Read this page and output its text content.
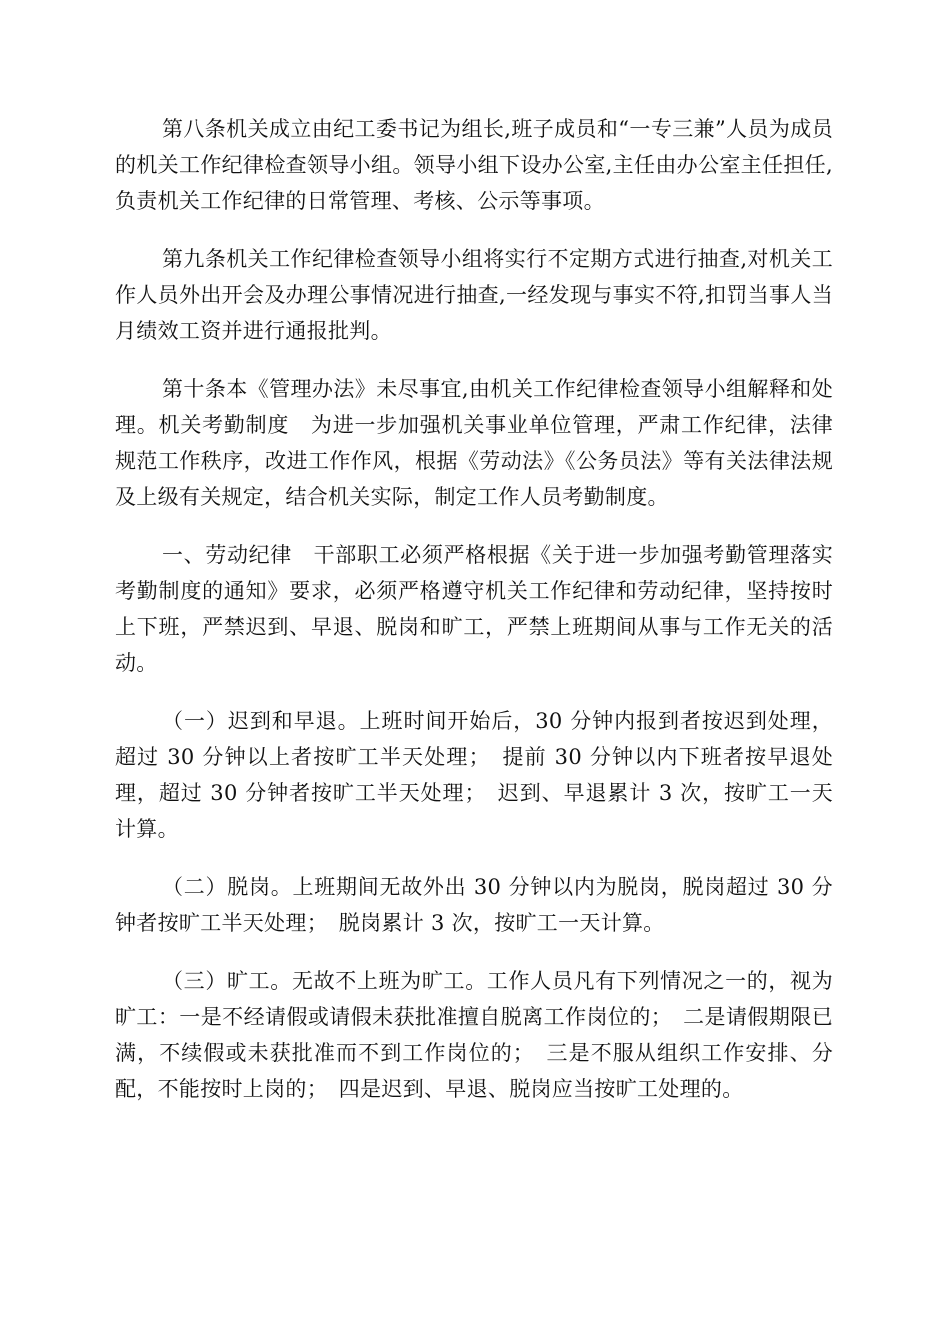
第八条机关成立由纪工委书记为组长,班子成员和“一专三兼”人员为成员的机关工作纪律检查领导小组。领导小组下设办公室,主任由办公室主任担任,负责机关工作纪律的日常管理、考核、公示等事项。

第九条机关工作纪律检查领导小组将实行不定期方式进行抽查,对机关工作人员外出开会及办理公事情况进行抽查,一经发现与事实不符,扣罚当事人当月绩效工资并进行通报批判。

第十条本《管理办法》未尽事宜,由机关工作纪律检查领导小组解释和处理。机关考勤制度　为进一步加强机关事业单位管理，严肃工作纪律，法律规范工作秩序，改进工作作风，根据《劳动法》《公务员法》等有关法律法规及上级有关规定，结合机关实际，制定工作人员考勤制度。

一、劳动纪律　干部职工必须严格根据《关于进一步加强考勤管理落实考勤制度的通知》要求，必须严格遵守机关工作纪律和劳动纪律，坚持按时上下班，严禁迟到、早退、脱岗和旷工，严禁上班期间从事与工作无关的活动。

（一）迟到和早退。上班时间开始后，30 分钟内报到者按迟到处理，超过 30 分钟以上者按旷工半天处理；　提前 30 分钟以内下班者按早退处理，超过 30 分钟者按旷工半天处理；　迟到、早退累计 3 次，按旷工一天计算。

（二）脱岗。上班期间无故外出 30 分钟以内为脱岗，脱岗超过 30 分钟者按旷工半天处理；　脱岗累计 3 次，按旷工一天计算。

（三）旷工。无故不上班为旷工。工作人员凡有下列情况之一的，视为旷工：一是不经请假或请假未获批准擅自脱离工作岗位的；　二是请假期限已满，不续假或未获批准而不到工作岗位的；　三是不服从组织工作安排、分配，不能按时上岗的；　四是迟到、早退、脱岗应当按旷工处理的。
